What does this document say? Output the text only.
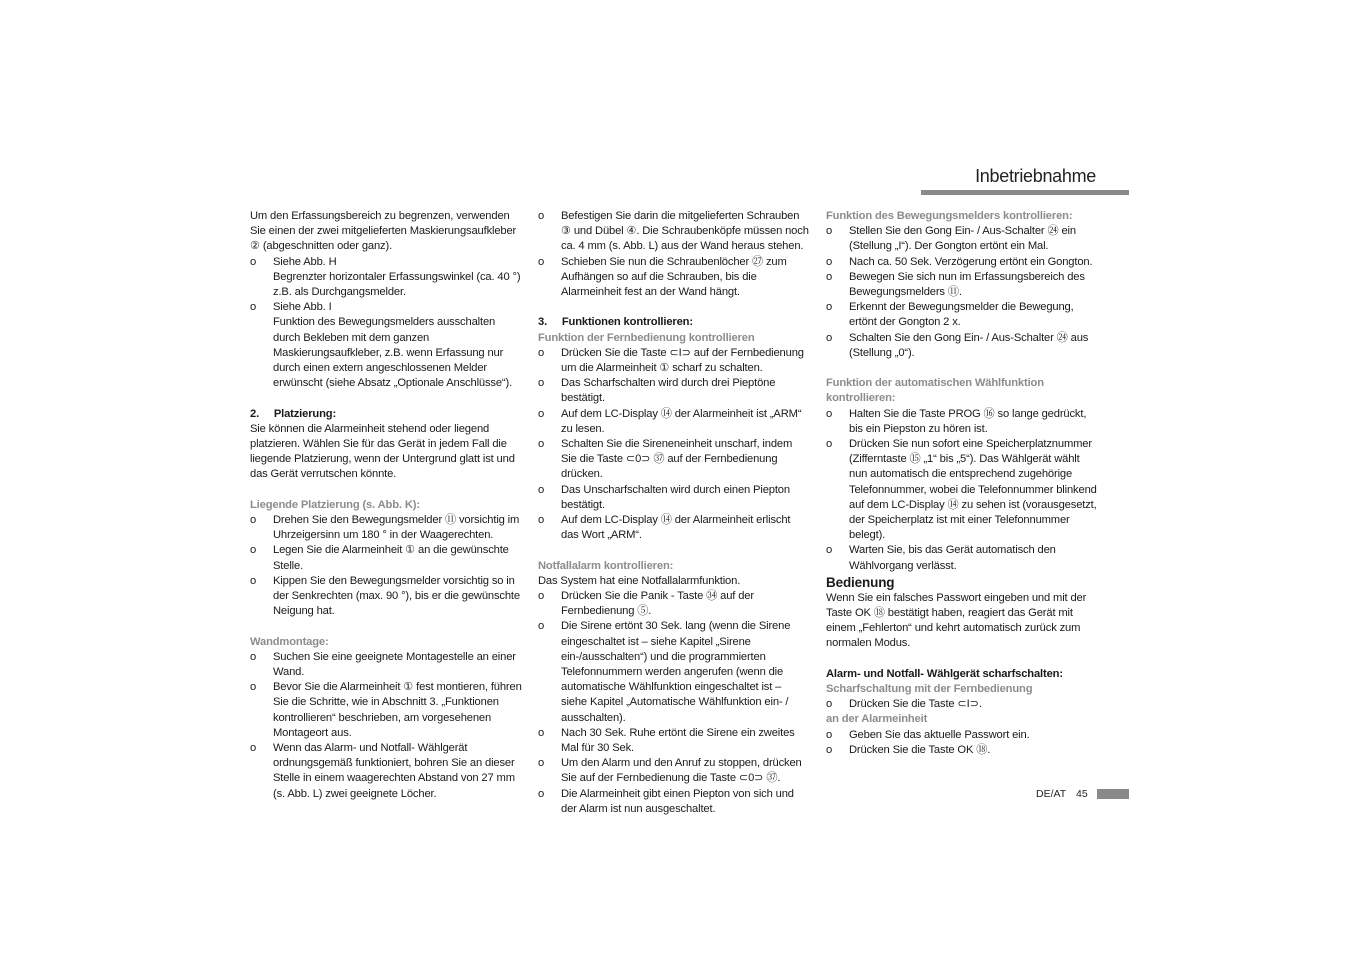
Inbetriebnahme

Um den Erfassungsbereich zu begrenzen, verwenden Sie einen der zwei mitgelieferten Maskierungsaufkleber ② (abgeschnitten oder ganz).

o Siehe Abb. H
Begrenzter horizontaler Erfassungswinkel (ca. 40 °) z.B. als Durchgangsmelder.
o Siehe Abb. I
Funktion des Bewegungsmelders ausschalten durch Bekleben mit dem ganzen Maskierungsaufkleber, z.B. wenn Erfassung nur durch einen extern angeschlossenen Melder erwünscht (siehe Absatz „Optionale Anschlüsse“).

2.     Platzierung:

Sie können die Alarmeinheit stehend oder liegend platzieren. Wählen Sie für das Gerät in jedem Fall die liegende Platzierung, wenn der Untergrund glatt ist und das Gerät verrutschen könnte.

Liegende Platzierung (s. Abb. K):

o Drehen Sie den Bewegungsmelder ⑪ vorsichtig im Uhrzeigersinn um 180 ° in der Waagerechten.
o Legen Sie die Alarmeinheit ① an die gewünschte Stelle.
o Kippen Sie den Bewegungsmelder vorsichtig so in der Senkrechten (max. 90 °), bis er die gewünschte Neigung hat.

Wandmontage:

o Suchen Sie eine geeignete Montagestelle an einer Wand.
o Bevor Sie die Alarmeinheit ① fest montieren, führen Sie die Schritte, wie in Abschnitt 3. „Funktionen kontrollieren“ beschrieben, am vorgesehenen Montageort aus.
o Wenn das Alarm- und Notfall- Wählgerät ordnungsgemäß funktioniert, bohren Sie an dieser Stelle in einem waagerechten Abstand von 27 mm (s. Abb. L) zwei geeignete Löcher.
o Befestigen Sie darin die mitgelieferten Schrauben ③ und Dübel ④. Die Schraubenköpfe müssen noch ca. 4 mm (s. Abb. L) aus der Wand heraus stehen.
o Schieben Sie nun die Schraubenlöcher ㉗ zum Aufhängen so auf die Schrauben, bis die Alarmeinheit fest an der Wand hängt.

3.     Funktionen kontrollieren:

Funktion der Fernbedienung kontrollieren

o Drücken Sie die Taste ⊂I⊃ auf der Fernbedienung um die Alarmeinheit ① scharf zu schalten.
o Das Scharfschalten wird durch drei Pieptöne bestätigt.
o Auf dem LC-Display ⑭ der Alarmeinheit ist „ARM“ zu lesen.
o Schalten Sie die Sireneneinheit unscharf, indem Sie die Taste ⊂0⊃ ㊲ auf der Fernbedienung drücken.
o Das Unscharfschalten wird durch einen Piepton bestätigt.
o Auf dem LC-Display ⑭ der Alarmeinheit erlischt das Wort „ARM“.

Notfallalarm kontrollieren:

Das System hat eine Notfallalarmfunktion.

o Drücken Sie die Panik - Taste ㉞ auf der Fernbedienung ⑤.
o Die Sirene ertönt 30 Sek. lang (wenn die Sirene eingeschaltet ist – siehe Kapitel „Sirene ein-/ausschalten“) und die programmierten Telefonnummern werden angerufen (wenn die automatische Wählfunktion eingeschaltet ist – siehe Kapitel „Automatische Wählfunktion ein- / ausschalten).
o Nach 30 Sek. Ruhe ertönt die Sirene ein zweites Mal für 30 Sek.
o Um den Alarm und den Anruf zu stoppen, drücken Sie auf der Fernbedienung die Taste ⊂0⊃ ㊲.
o Die Alarmeinheit gibt einen Piepton von sich und der Alarm ist nun ausgeschaltet.

Funktion des Bewegungsmelders kontrollieren:

o Stellen Sie den Gong Ein- / Aus-Schalter ㉔ ein (Stellung „I“). Der Gongton ertönt ein Mal.
o Nach ca. 50 Sek. Verzögerung ertönt ein Gongton.
o Bewegen Sie sich nun im Erfassungsbereich des Bewegungsmelders ⑪.
o Erkennt der Bewegungsmelder die Bewegung, ertönt der Gongton 2 x.
o Schalten Sie den Gong Ein- / Aus-Schalter ㉔ aus (Stellung „0“).

Funktion der automatischen Wählfunktion kontrollieren:

o Halten Sie die Taste PROG ⑯ so lange gedrückt, bis ein Piepston zu hören ist.
o Drücken Sie nun sofort eine Speicherplatznummer (Zifferntaste ⑮ „1“ bis „5“). Das Wählgerät wählt nun automatisch die entsprechend zugehörige Telefonnummer, wobei die Telefonnummer blinkend auf dem LC-Display ⑭ zu sehen ist (vorausgesetzt, der Speicherplatz ist mit einer Telefonnummer belegt).
o Warten Sie, bis das Gerät automatisch den Wählvorgang verlässt.

Bedienung

Wenn Sie ein falsches Passwort eingeben und mit der Taste OK ⑱ bestätigt haben, reagiert das Gerät mit einem „Fehlerton“ und kehrt automatisch zurück zum normalen Modus.

Alarm- und Notfall- Wählgerät scharfschalten:

Scharfschaltung mit der Fernbedienung

o Drücken Sie die Taste ⊂I⊃.

an der Alarmeinheit

o Geben Sie das aktuelle Passwort ein.
o Drücken Sie die Taste OK ⑱.
DE/AT 45
